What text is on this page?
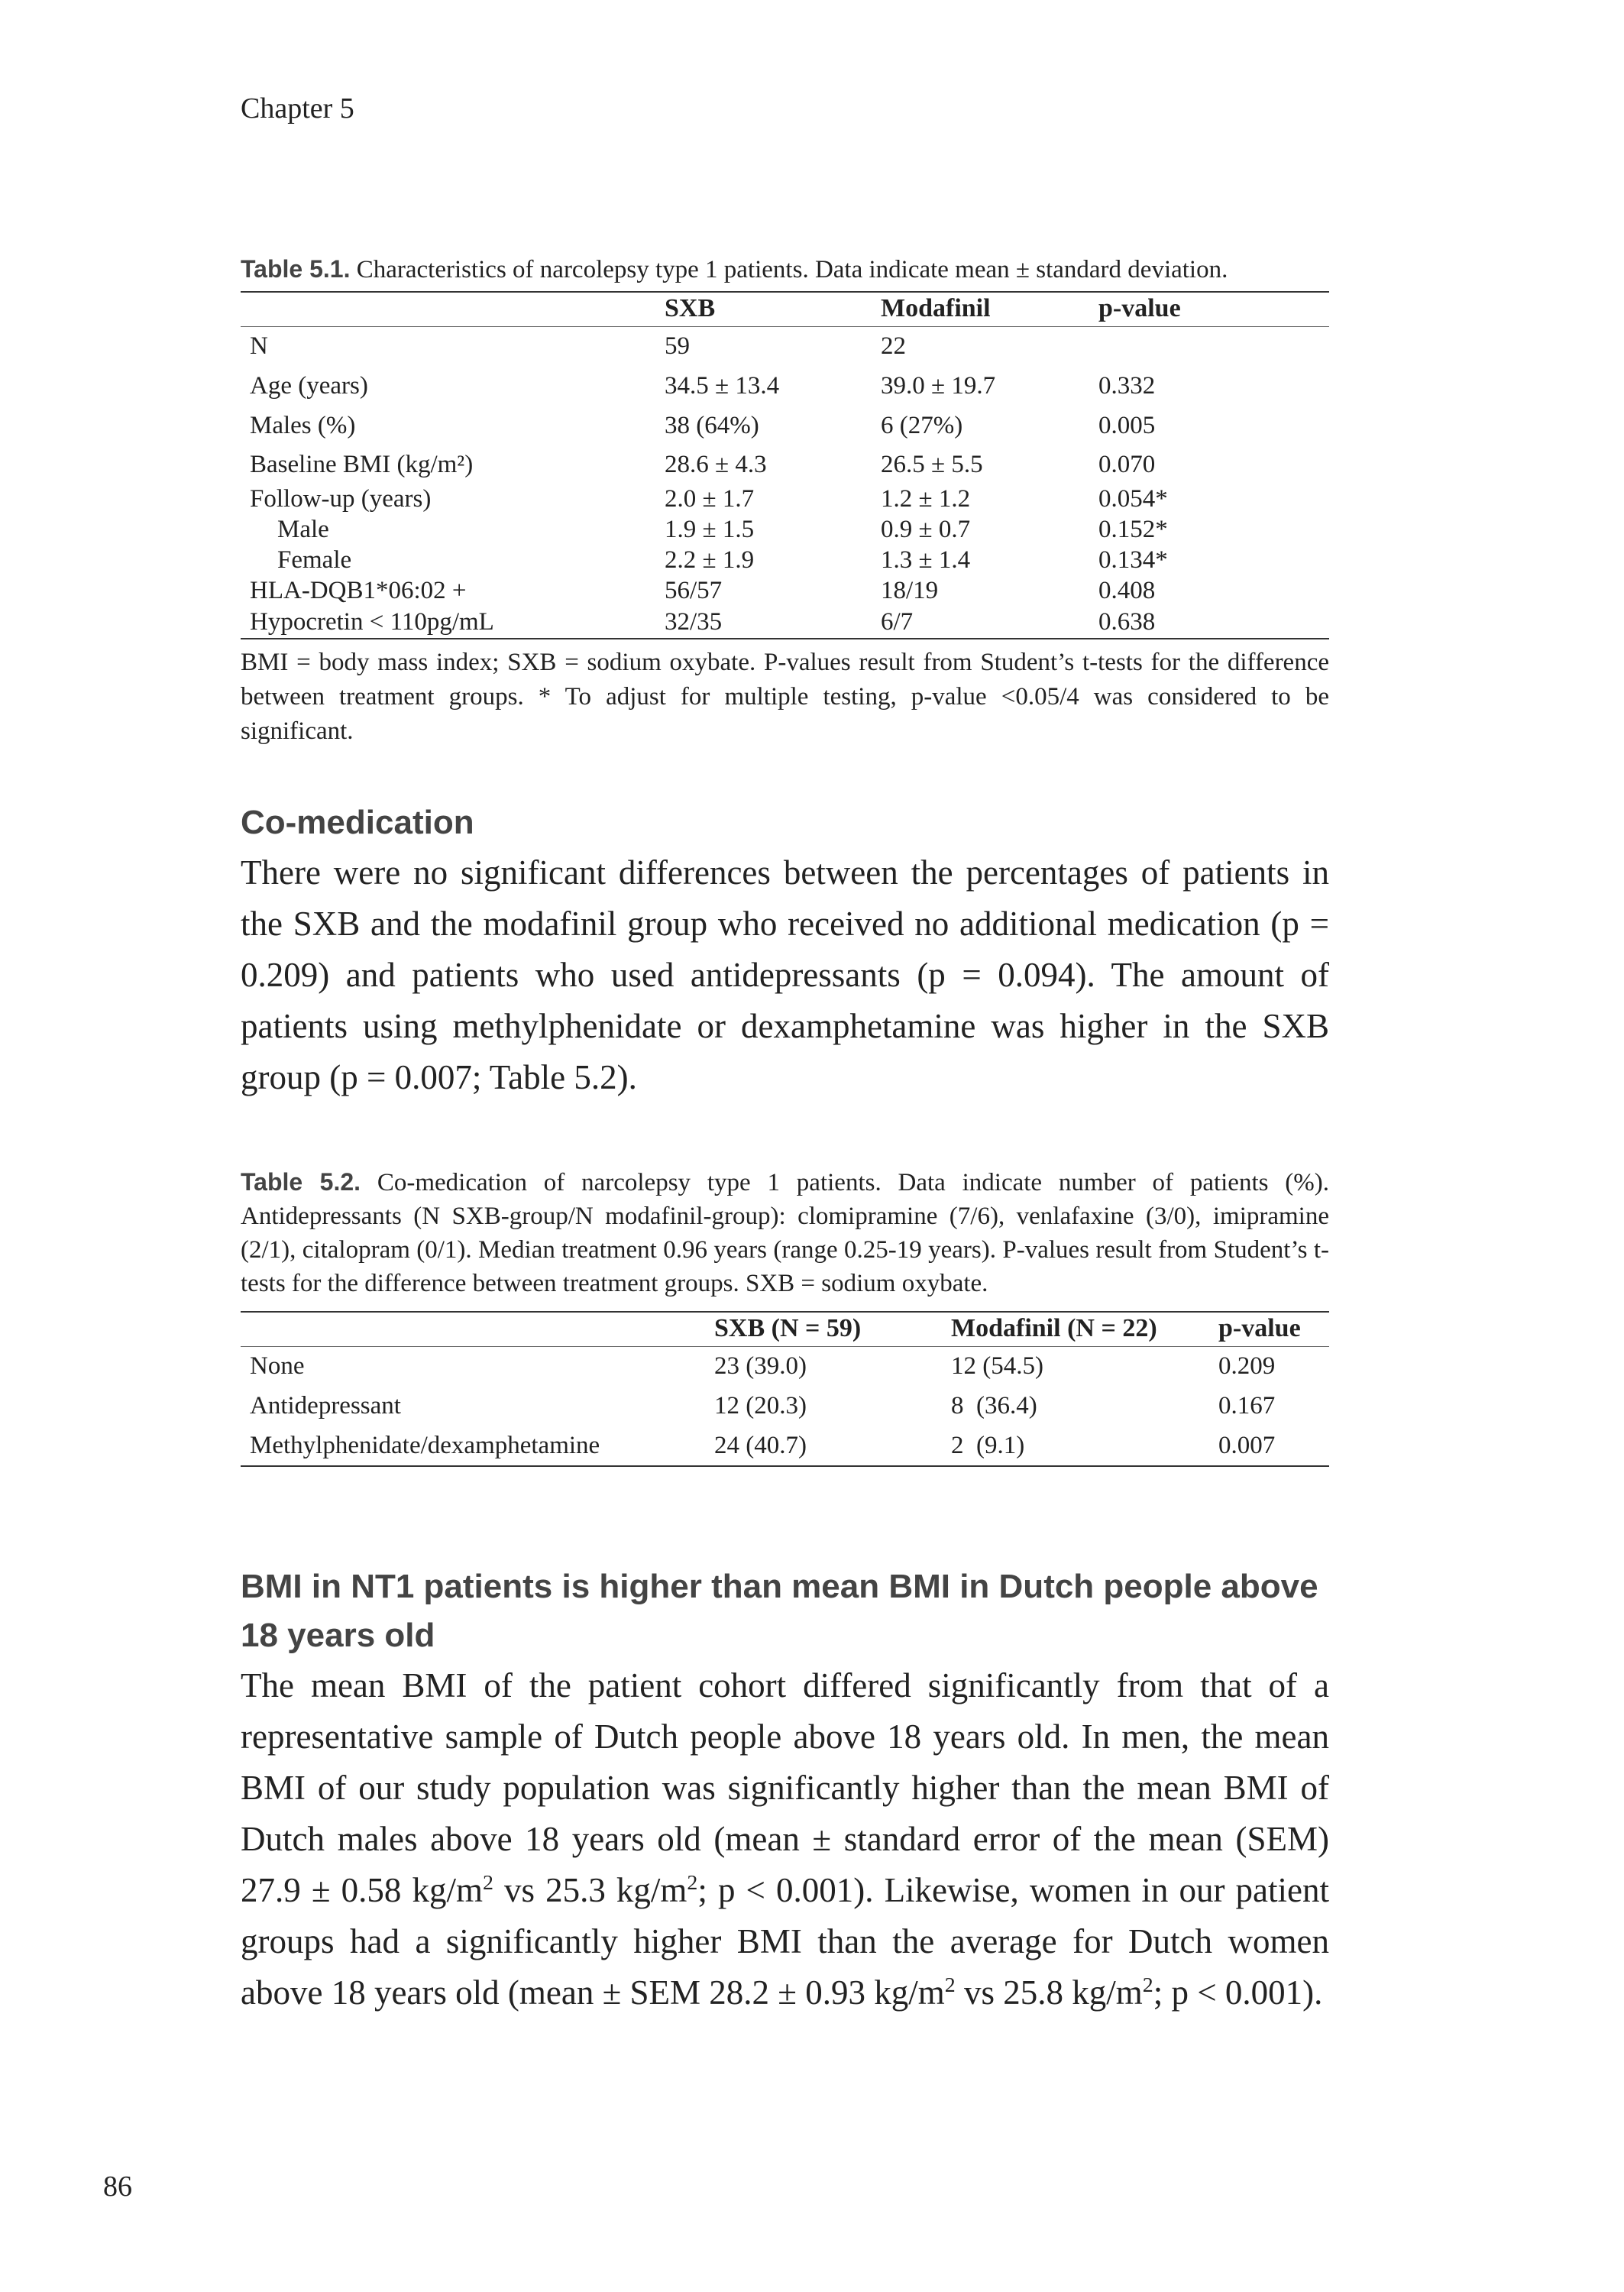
Chapter 5
Table 5.1. Characteristics of narcolepsy type 1 patients. Data indicate mean ± standard deviation.
	SXB	Modafinil	p-value
N	59	22	
Age (years)	34.5 ± 13.4	39.0 ± 19.7	0.332
Males (%)	38 (64%)	6 (27%)	0.005
Baseline BMI (kg/m²)	28.6 ± 4.3	26.5 ± 5.5	0.070
Follow-up (years)	2.0 ± 1.7	1.2 ± 1.2	0.054*
Male	1.9 ± 1.5	0.9 ± 0.7	0.152*
Female	2.2 ± 1.9	1.3 ± 1.4	0.134*
HLA-DQB1*06:02 +	56/57	18/19	0.408
Hypocretin < 110pg/mL	32/35	6/7	0.638
BMI = body mass index; SXB = sodium oxybate. P-values result from Student’s t-tests for the difference between treatment groups. * To adjust for multiple testing, p-value <0.05/4 was considered to be significant.
Co-medication

There were no significant differences between the percentages of patients in the SXB and the modafinil group who received no additional medication (p = 0.209) and patients who used antidepressants (p = 0.094). The amount of patients using methylphenidate or dexamphetamine was higher in the SXB group (p = 0.007; Table 5.2).

Table 5.2. Co-medication of narcolepsy type 1 patients. Data indicate number of patients (%). Antidepressants (N SXB-group/N modafinil-group): clomipramine (7/6), venlafaxine (3/0), imipramine (2/1), citalopram (0/1). Median treatment 0.96 years (range 0.25-19 years). P-values result from Student’s t-tests for the difference between treatment groups. SXB = sodium oxybate.
	SXB (N = 59)	Modafinil (N = 22)	p-value
None	23 (39.0)	12 (54.5)	0.209
Antidepressant	12 (20.3)	8  (36.4)	0.167
Methylphenidate/dexamphetamine	24 (40.7)	2  (9.1)	0.007
BMI in NT1 patients is higher than mean BMI in Dutch people above 18 years old

The mean BMI of the patient cohort differed significantly from that of a representative sample of Dutch people above 18 years old. In men, the mean BMI of our study population was significantly higher than the mean BMI of Dutch males above 18 years old (mean ± standard error of the mean (SEM) 27.9 ± 0.58 $kg/m^2$ vs 25.3 $kg/m^2$; p < 0.001). Likewise, women in our patient groups had a significantly higher BMI than the average for Dutch women above 18 years old (mean ± SEM 28.2 ± 0.93 $kg/m^2$ vs 25.8 $kg/m^2$; p < 0.001).

86
